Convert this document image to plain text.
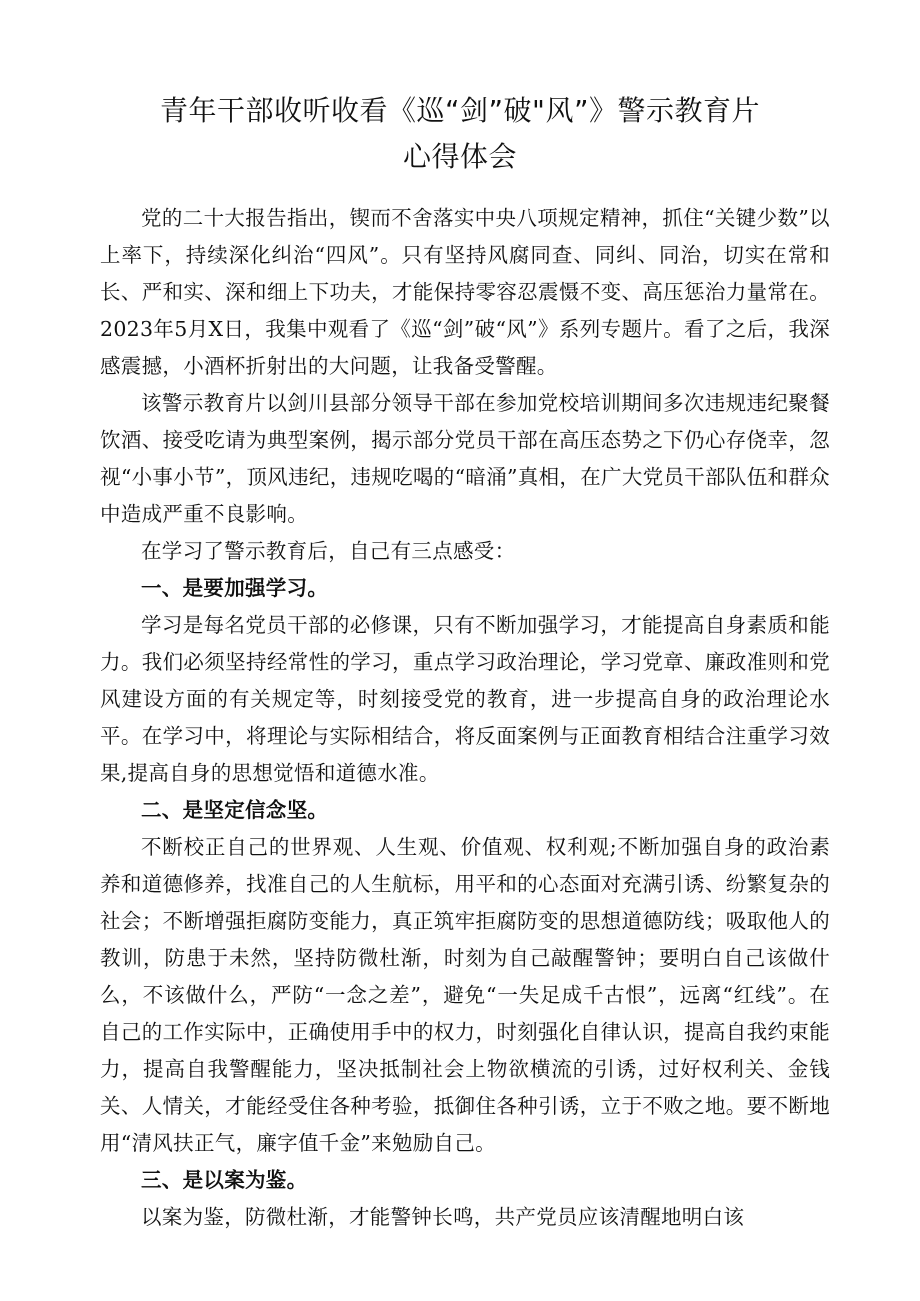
青年干部收听收看《巡“剑”破"风”》警示教育片
心得体会

党的二十大报告指出，锲而不舍落实中央八项规定精神，抓住“关键少数”以上率下，持续深化纠治“四风”。只有坚持风腐同查、同纠、同治，切实在常和长、严和实、深和细上下功夫，才能保持零容忍震慑不变、高压惩治力量常在。2023年5月X日，我集中观看了《巡“剑”破“风”》系列专题片。看了之后，我深感震撼，小酒杯折射出的大问题，让我备受警醒。

该警示教育片以剑川县部分领导干部在参加党校培训期间多次违规违纪聚餐饮酒、接受吃请为典型案例，揭示部分党员干部在高压态势之下仍心存侥幸，忽视“小事小节”，顶风违纪，违规吃喝的“暗涌”真相，在广大党员干部队伍和群众中造成严重不良影响。

在学习了警示教育后，自己有三点感受：

一、是要加强学习。

学习是每名党员干部的必修课，只有不断加强学习，才能提高自身素质和能力。我们必须坚持经常性的学习，重点学习政治理论，学习党章、廉政准则和党风建设方面的有关规定等，时刻接受党的教育，进一步提高自身的政治理论水平。在学习中，将理论与实际相结合，将反面案例与正面教育相结合注重学习效果,提高自身的思想觉悟和道德水准。

二、是坚定信念坚。

不断校正自己的世界观、人生观、价值观、权利观;不断加强自身的政治素养和道德修养，找准自己的人生航标，用平和的心态面对充满引诱、纷繁复杂的社会；不断增强拒腐防变能力，真正筑牢拒腐防变的思想道德防线；吸取他人的教训，防患于未然，坚持防微杜渐，时刻为自己敲醒警钟；要明白自己该做什么，不该做什么，严防“一念之差”，避免“一失足成千古恨”，远离“红线”。在自己的工作实际中，正确使用手中的权力，时刻强化自律认识，提高自我约束能力，提高自我警醒能力，坚决抵制社会上物欲横流的引诱，过好权利关、金钱关、人情关，才能经受住各种考验，抵御住各种引诱，立于不败之地。要不断地用“清风扶正气，廉字值千金”来勉励自己。

三、是以案为鉴。

以案为鉴，防微杜渐，才能警钟长鸣，共产党员应该清醒地明白该
